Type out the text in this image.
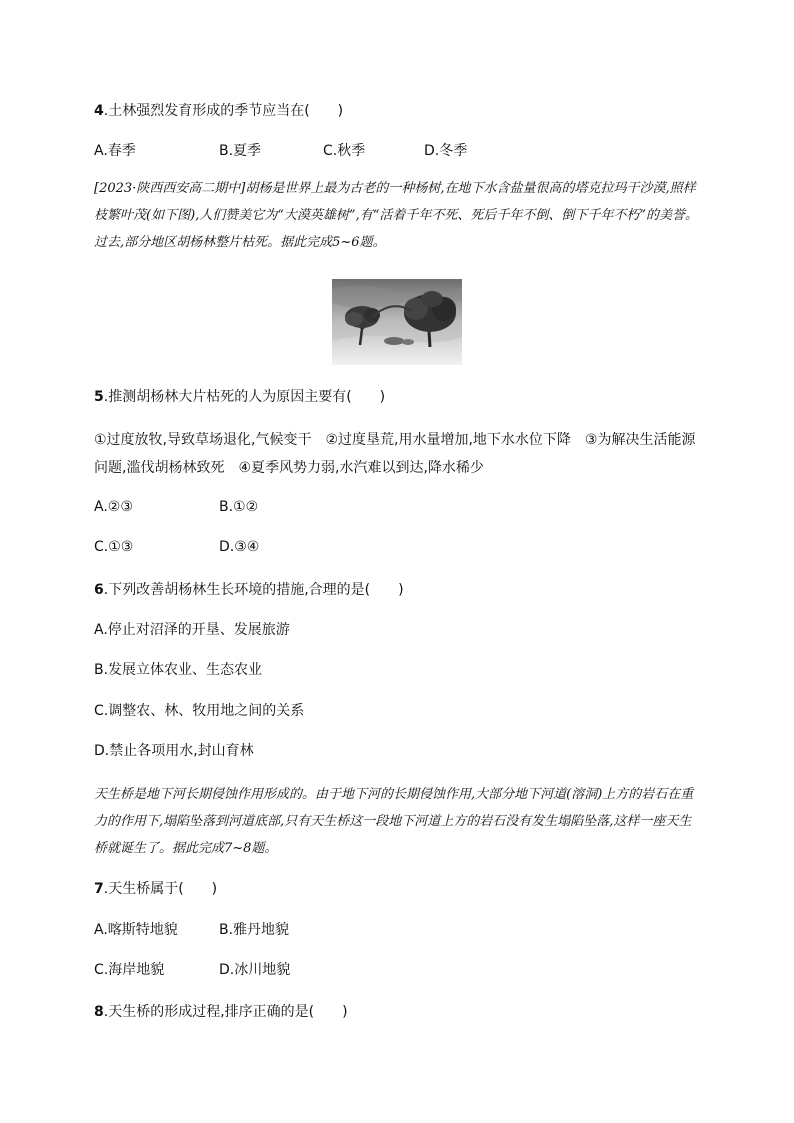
4.土林强烈发育形成的季节应当在(　　)
A.春季	B.夏季	C.秋季	D.冬季
[2023·陕西西安高二期中]胡杨是世界上最为古老的一种杨树,在地下水含盐量很高的塔克拉玛干沙漠,照样枝繁叶茂(如下图),人们赞美它为“大漠英雄树”,有“活着千年不死、死后千年不倒、倒下千年不朽”的美誉。过去,部分地区胡杨林整片枯死。据此完成5~6题。
5.推测胡杨林大片枯死的人为原因主要有(　　)
①过度放牧,导致草场退化,气候变干　②过度垦荒,用水量增加,地下水水位下降　③为解决生活能源问题,滥伐胡杨林致死　④夏季风势力弱,水汽难以到达,降水稀少
A.②③	B.①②
C.①③	D.③④
6.下列改善胡杨林生长环境的措施,合理的是(　　)
A.停止对沼泽的开垦、发展旅游
B.发展立体农业、生态农业
C.调整农、林、牧用地之间的关系
D.禁止各项用水,封山育林
天生桥是地下河长期侵蚀作用形成的。由于地下河的长期侵蚀作用,大部分地下河道(溶洞)上方的岩石在重力的作用下,塌陷坠落到河道底部,只有天生桥这一段地下河道上方的岩石没有发生塌陷坠落,这样一座天生桥就诞生了。据此完成7~8题。
7.天生桥属于(　　)
A.喀斯特地貌	B.雅丹地貌
C.海岸地貌	D.冰川地貌
8.天生桥的形成过程,排序正确的是(　　)
